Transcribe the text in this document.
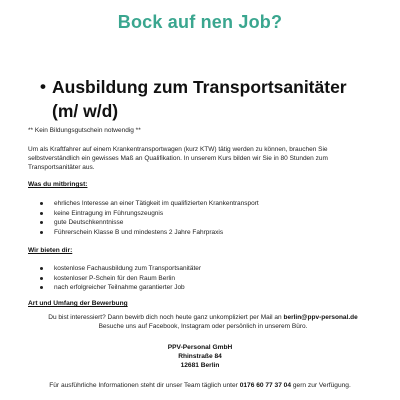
Bock auf nen Job?
• Ausbildung zum Transportsanitäter (m/ w/d)
** Kein Bildungsgutschein notwendig **
Um als Kraftfahrer auf einem Krankentransportwagen (kurz KTW) tätig werden zu können, brauchen Sie selbstverständlich ein gewisses Maß an Qualifikation. In unserem Kurs bilden wir Sie in 80 Stunden zum Transportsanitäter aus.
Was du mitbringst:
ehrliches Interesse an einer Tätigkeit im qualifizierten Krankentransport
keine Eintragung im Führungszeugnis
gute Deutschkenntnisse
Führerschein Klasse B und mindestens 2 Jahre Fahrpraxis
Wir bieten dir:
kostenlose Fachausbildung zum Transportsanitäter
kostenloser P-Schein für den Raum Berlin
nach erfolgreicher Teilnahme garantierter Job
Art und Umfang der Bewerbung
Du bist interessiert? Dann bewirb dich noch heute ganz unkompliziert per Mail an berlin@ppv-personal.de
Besuche uns auf Facebook, Instagram oder persönlich in unserem Büro.
PPV-Personal GmbH
Rhinstraße 84
12681 Berlin
Für ausführliche Informationen steht dir unser Team täglich unter 0176 60 77 37 04 gern zur Verfügung.
